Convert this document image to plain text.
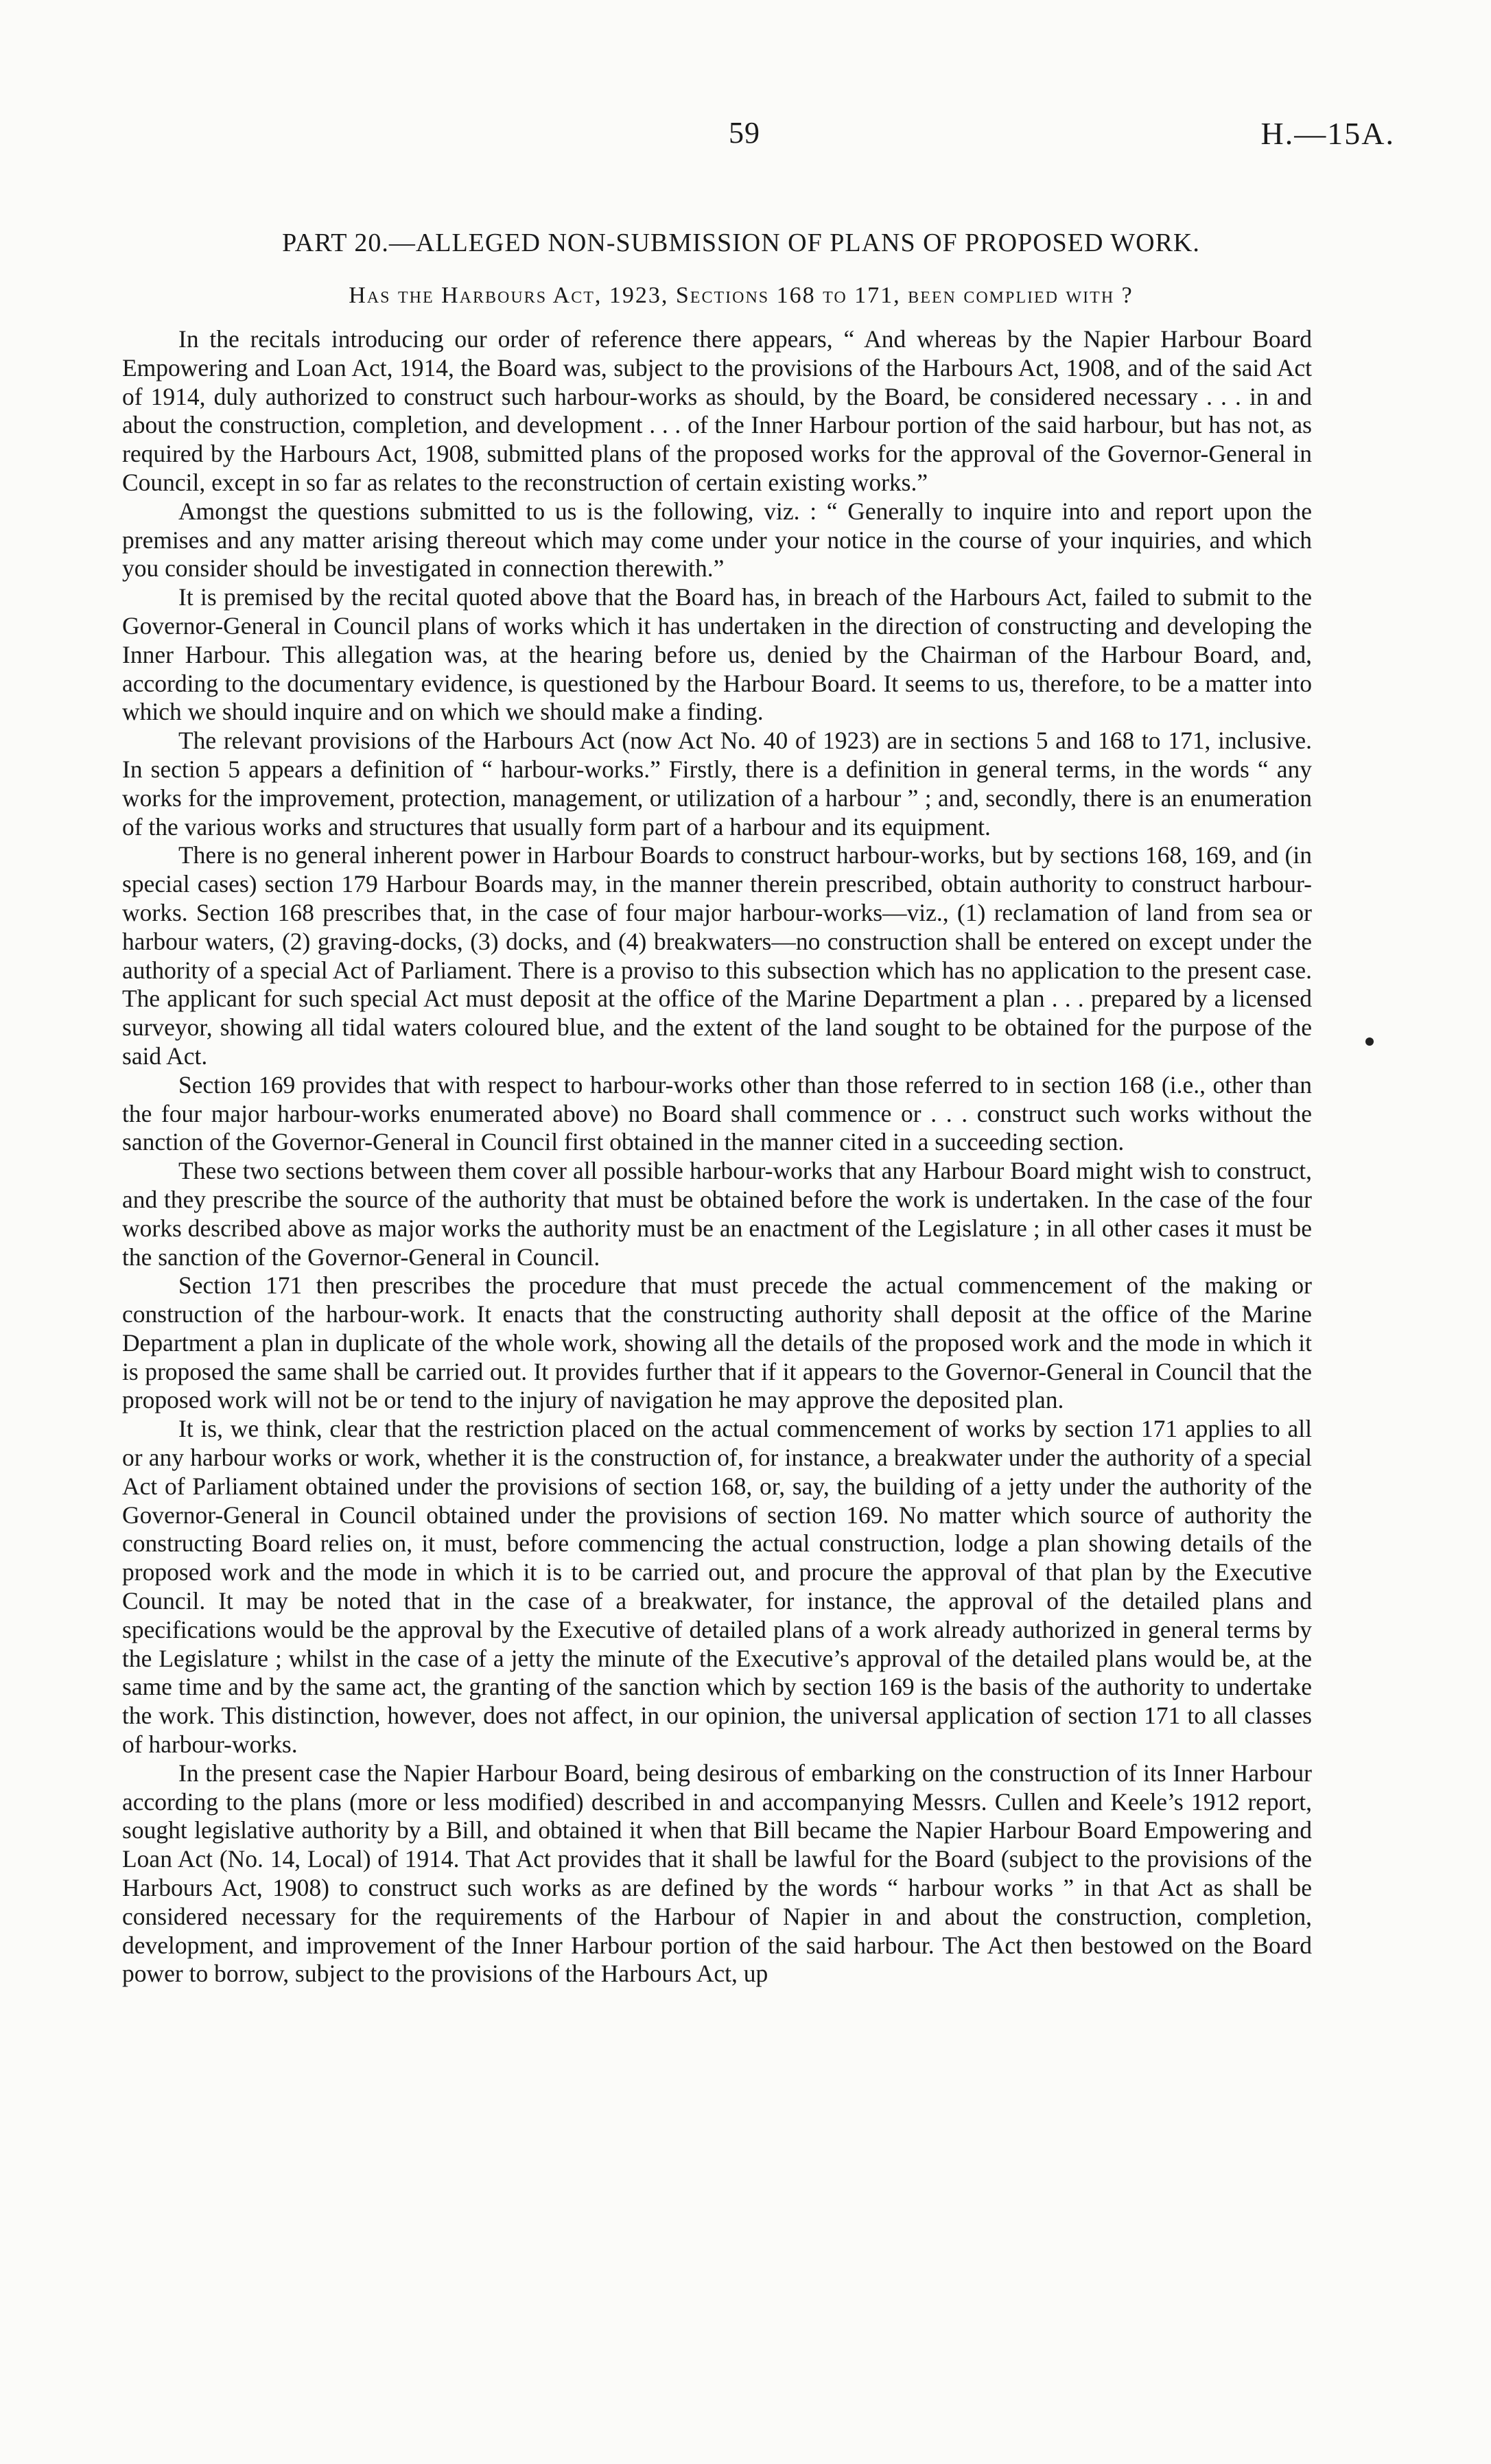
59	H.—15A.
PART 20.—ALLEGED NON-SUBMISSION OF PLANS OF PROPOSED WORK.
Has the Harbours Act, 1923, Sections 168 to 171, been complied with ?

In the recitals introducing our order of reference there appears, “ And whereas by the Napier Harbour Board Empowering and Loan Act, 1914, the Board was, subject to the provisions of the Harbours Act, 1908, and of the said Act of 1914, duly authorized to construct such harbour-works as should, by the Board, be considered necessary . . . in and about the construction, completion, and development . . . of the Inner Harbour portion of the said harbour, but has not, as required by the Harbours Act, 1908, submitted plans of the proposed works for the approval of the Governor-General in Council, except in so far as relates to the reconstruction of certain existing works.”

Amongst the questions submitted to us is the following, viz. : “ Generally to inquire into and report upon the premises and any matter arising thereout which may come under your notice in the course of your inquiries, and which you consider should be investigated in connection therewith.”

It is premised by the recital quoted above that the Board has, in breach of the Harbours Act, failed to submit to the Governor-General in Council plans of works which it has undertaken in the direction of constructing and developing the Inner Harbour. This allegation was, at the hearing before us, denied by the Chairman of the Harbour Board, and, according to the documentary evidence, is questioned by the Harbour Board. It seems to us, therefore, to be a matter into which we should inquire and on which we should make a finding.

The relevant provisions of the Harbours Act (now Act No. 40 of 1923) are in sections 5 and 168 to 171, inclusive. In section 5 appears a definition of “ harbour-works.” Firstly, there is a definition in general terms, in the words “ any works for the improvement, protection, management, or utilization of a harbour ” ; and, secondly, there is an enumeration of the various works and structures that usually form part of a harbour and its equipment.

There is no general inherent power in Harbour Boards to construct harbour-works, but by sections 168, 169, and (in special cases) section 179 Harbour Boards may, in the manner therein prescribed, obtain authority to construct harbour-works. Section 168 prescribes that, in the case of four major harbour-works—viz., (1) reclamation of land from sea or harbour waters, (2) graving-docks, (3) docks, and (4) breakwaters—no construction shall be entered on except under the authority of a special Act of Parliament. There is a proviso to this subsection which has no application to the present case. The applicant for such special Act must deposit at the office of the Marine Department a plan . . . prepared by a licensed surveyor, showing all tidal waters coloured blue, and the extent of the land sought to be obtained for the purpose of the said Act.

Section 169 provides that with respect to harbour-works other than those referred to in section 168 (i.e., other than the four major harbour-works enumerated above) no Board shall commence or . . . construct such works without the sanction of the Governor-General in Council first obtained in the manner cited in a succeeding section.

These two sections between them cover all possible harbour-works that any Harbour Board might wish to construct, and they prescribe the source of the authority that must be obtained before the work is undertaken. In the case of the four works described above as major works the authority must be an enactment of the Legislature ; in all other cases it must be the sanction of the Governor-General in Council.

Section 171 then prescribes the procedure that must precede the actual commencement of the making or construction of the harbour-work. It enacts that the constructing authority shall deposit at the office of the Marine Department a plan in duplicate of the whole work, showing all the details of the proposed work and the mode in which it is proposed the same shall be carried out. It provides further that if it appears to the Governor-General in Council that the proposed work will not be or tend to the injury of navigation he may approve the deposited plan.

It is, we think, clear that the restriction placed on the actual commencement of works by section 171 applies to all or any harbour works or work, whether it is the construction of, for instance, a breakwater under the authority of a special Act of Parliament obtained under the provisions of section 168, or, say, the building of a jetty under the authority of the Governor-General in Council obtained under the provisions of section 169. No matter which source of authority the constructing Board relies on, it must, before commencing the actual construction, lodge a plan showing details of the proposed work and the mode in which it is to be carried out, and procure the approval of that plan by the Executive Council. It may be noted that in the case of a breakwater, for instance, the approval of the detailed plans and specifications would be the approval by the Executive of detailed plans of a work already authorized in general terms by the Legislature ; whilst in the case of a jetty the minute of the Executive’s approval of the detailed plans would be, at the same time and by the same act, the granting of the sanction which by section 169 is the basis of the authority to undertake the work. This distinction, however, does not affect, in our opinion, the universal application of section 171 to all classes of harbour-works.

In the present case the Napier Harbour Board, being desirous of embarking on the construction of its Inner Harbour according to the plans (more or less modified) described in and accompanying Messrs. Cullen and Keele’s 1912 report, sought legislative authority by a Bill, and obtained it when that Bill became the Napier Harbour Board Empowering and Loan Act (No. 14, Local) of 1914. That Act provides that it shall be lawful for the Board (subject to the provisions of the Harbours Act, 1908) to construct such works as are defined by the words “ harbour works ” in that Act as shall be considered necessary for the requirements of the Harbour of Napier in and about the construction, completion, development, and improvement of the Inner Harbour portion of the said harbour. The Act then bestowed on the Board power to borrow, subject to the provisions of the Harbours Act, up
